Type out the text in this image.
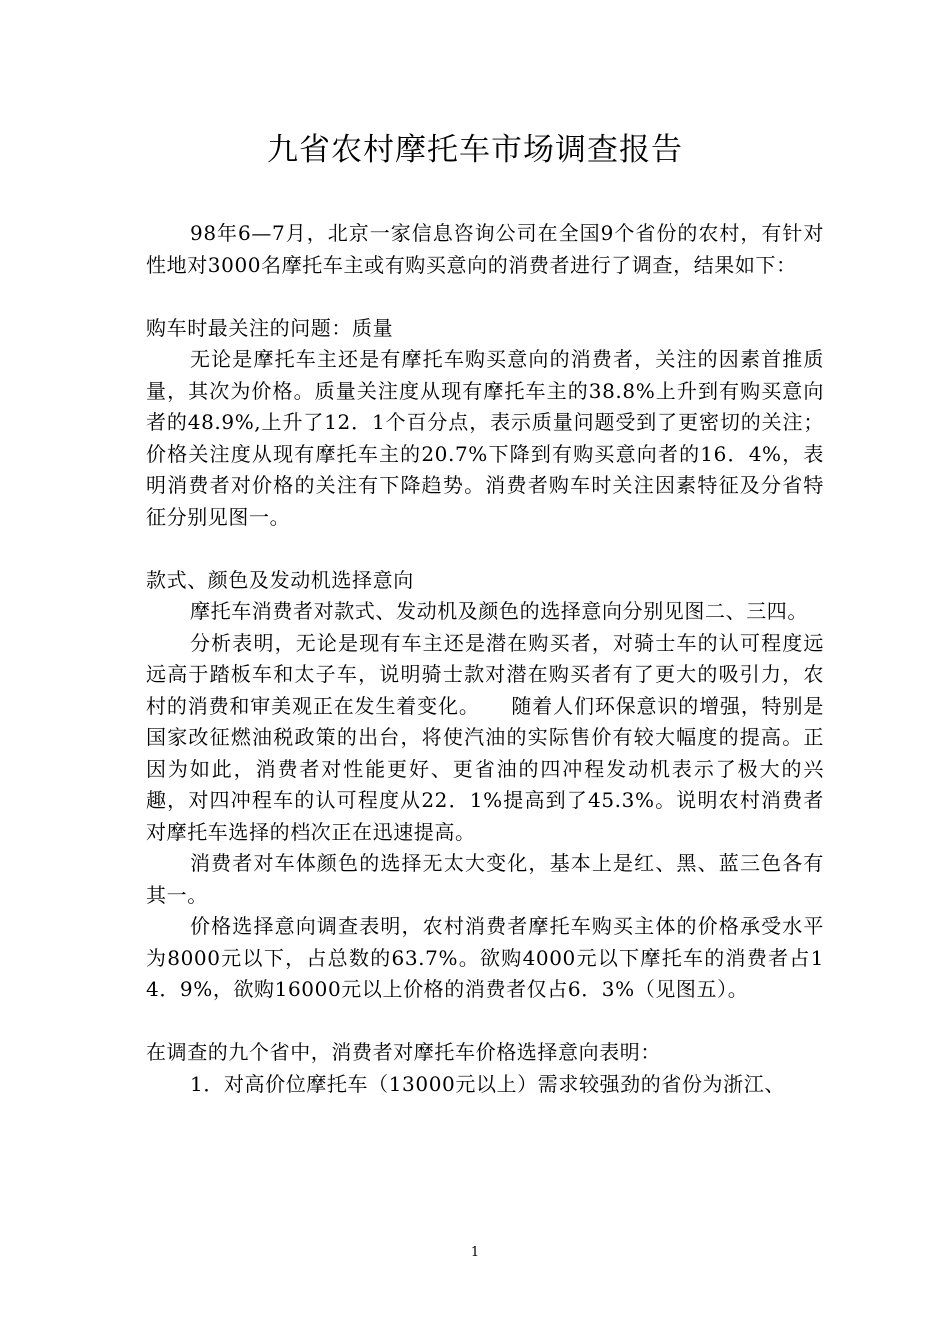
九省农村摩托车市场调查报告

98年6—7月，北京一家信息咨询公司在全国9个省份的农村，有针对性地对3000名摩托车主或有购买意向的消费者进行了调查，结果如下：

购车时最关注的问题：质量

无论是摩托车主还是有摩托车购买意向的消费者，关注的因素首推质量，其次为价格。质量关注度从现有摩托车主的38.8%上升到有购买意向者的48.9%,上升了12．1个百分点，表示质量问题受到了更密切的关注；价格关注度从现有摩托车主的20.7%下降到有购买意向者的16．4%，表明消费者对价格的关注有下降趋势。消费者购车时关注因素特征及分省特征分别见图一。

款式、颜色及发动机选择意向

摩托车消费者对款式、发动机及颜色的选择意向分别见图二、三四。

分析表明，无论是现有车主还是潜在购买者，对骑士车的认可程度远远高于踏板车和太子车，说明骑士款对潜在购买者有了更大的吸引力，农村的消费和审美观正在发生着变化。　　随着人们环保意识的增强，特别是国家改征燃油税政策的出台，将使汽油的实际售价有较大幅度的提高。正因为如此，消费者对性能更好、更省油的四冲程发动机表示了极大的兴趣，对四冲程车的认可程度从22．1%提高到了45.3%。说明农村消费者对摩托车选择的档次正在迅速提高。

消费者对车体颜色的选择无太大变化，基本上是红、黑、蓝三色各有其一。

价格选择意向调查表明，农村消费者摩托车购买主体的价格承受水平为8000元以下，占总数的63.7%。欲购4000元以下摩托车的消费者占14．9%，欲购16000元以上价格的消费者仅占6．3%（见图五）。

在调查的九个省中，消费者对摩托车价格选择意向表明：

1．对高价位摩托车（13000元以上）需求较强劲的省份为浙江、

1
